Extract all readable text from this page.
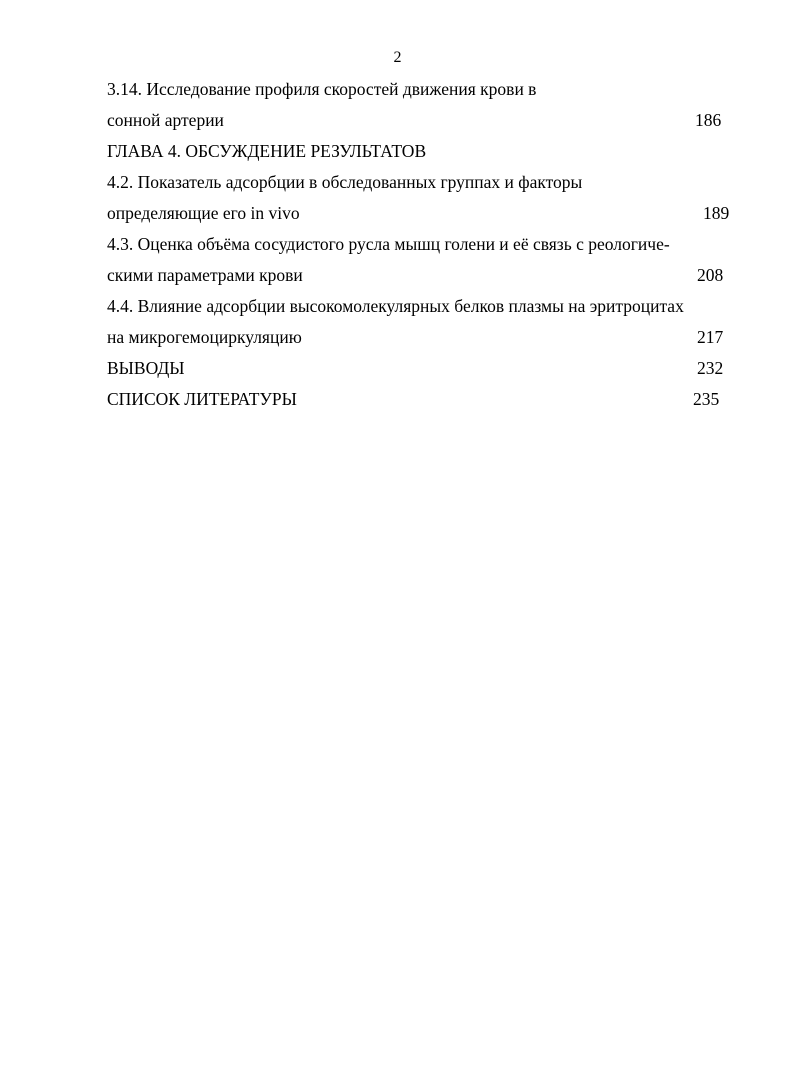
2
3.14. Исследование профиля скоростей движения крови в
сонной артерии	186
ГЛАВА 4. ОБСУЖДЕНИЕ РЕЗУЛЬТАТОВ
4.2. Показатель адсорбции в обследованных группах и факторы
определяющие его in vivo	189
4.3. Оценка объёма сосудистого русла мышц голени и её связь с реологиче-
скими параметрами крови	208
4.4. Влияние адсорбции высокомолекулярных белков плазмы на эритроцитах
на микрогемоциркуляцию	217
ВЫВОДЫ	232
СПИСОК ЛИТЕРАТУРЫ	235
